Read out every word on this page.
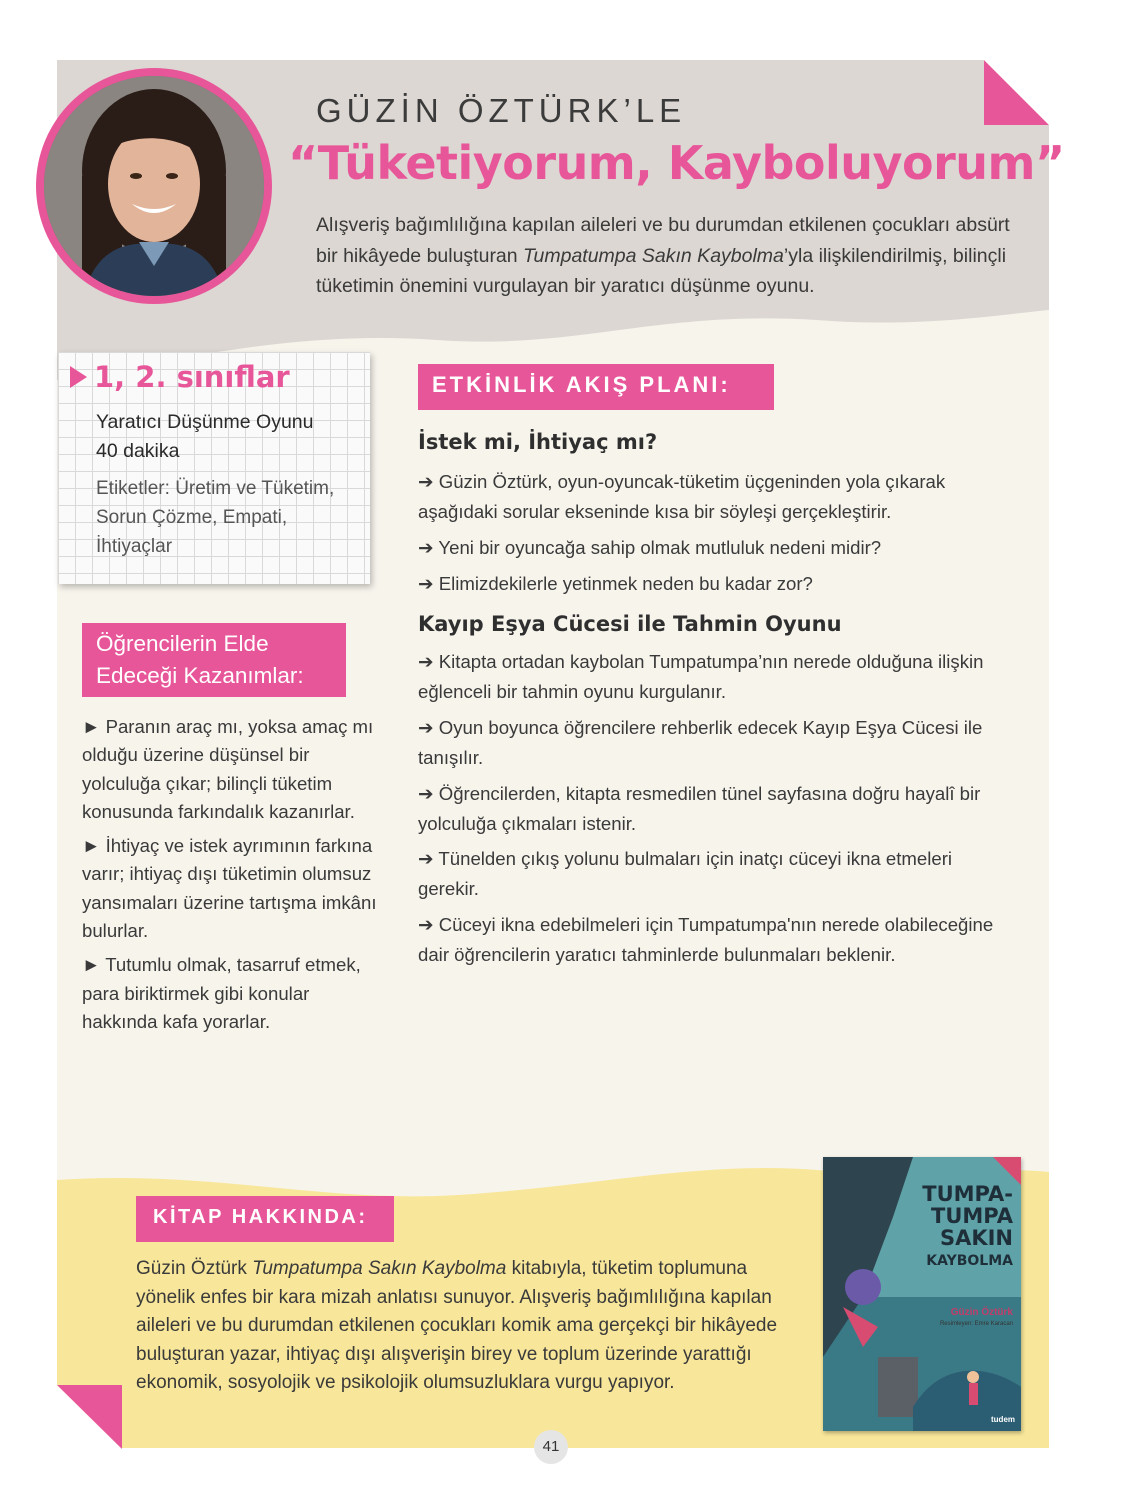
GÜZİN ÖZTÜRK’LE
“Tüketiyorum, Kayboluyorum”
Alışveriş bağımlılığına kapılan aileleri ve bu durumdan etkilenen çocukları absürt bir hikâyede buluşturan Tumpatumpa Sakın Kaybolma’yla ilişkilendirilmiş, bilinçli tüketimin önemini vurgulayan bir yaratıcı düşünme oyunu.
1, 2. sınıflar
Yaratıcı Düşünme Oyunu
40 dakika
Etiketler: Üretim ve Tüketim, Sorun Çözme, Empati, İhtiyaçlar
Öğrencilerin Elde
Edeceği Kazanımlar:

► Paranın araç mı, yoksa amaç mı olduğu üzerine düşünsel bir yolculuğa çıkar; bilinçli tüketim konusunda farkındalık kazanırlar.

► İhtiyaç ve istek ayrımının farkına varır; ihtiyaç dışı tüketimin olumsuz yansımaları üzerine tartışma imkânı bulurlar.

► Tutumlu olmak, tasarruf etmek, para biriktirmek gibi konular hakkında kafa yorarlar.

ETKİNLİK AKIŞ PLANI:
İstek mi, İhtiyaç mı?
➔ Güzin Öztürk, oyun-oyuncak-tüketim üçgeninden yola çıkarak aşağıdaki sorular ekseninde kısa bir söyleşi gerçekleştirir.
➔ Yeni bir oyuncağa sahip olmak mutluluk nedeni midir?
➔ Elimizdekilerle yetinmek neden bu kadar zor?
Kayıp Eşya Cücesi ile Tahmin Oyunu
➔ Kitapta ortadan kaybolan Tumpatumpa’nın nerede olduğuna ilişkin eğlenceli bir tahmin oyunu kurgulanır.
➔ Oyun boyunca öğrencilere rehberlik edecek Kayıp Eşya Cücesi ile tanışılır.
➔ Öğrencilerden, kitapta resmedilen tünel sayfasına doğru hayalî bir yolculuğa çıkmaları istenir.
➔ Tünelden çıkış yolunu bulmaları için inatçı cüceyi ikna etmeleri gerekir.
➔ Cüceyi ikna edebilmeleri için Tumpatumpa'nın nerede olabileceğine dair öğrencilerin yaratıcı tahminlerde bulunmaları beklenir.
KİTAP HAKKINDA:
Güzin Öztürk Tumpatumpa Sakın Kaybolma kitabıyla, tüketim toplumuna yönelik enfes bir kara mizah anlatısı sunuyor. Alışveriş bağımlılığına kapılan aileleri ve bu durumdan etkilenen çocukları komik ama gerçekçi bir hikâyede buluşturan yazar, ihtiyaç dışı alışverişin birey ve toplum üzerinde yarattığı ekonomik, sosyolojik ve psikolojik olumsuzluklara vurgu yapıyor.
TUMPA-
TUMPA
SAKIN
KAYBOLMA
Güzin Öztürk
Resimleyen: Emre Karacan
tudem
41
